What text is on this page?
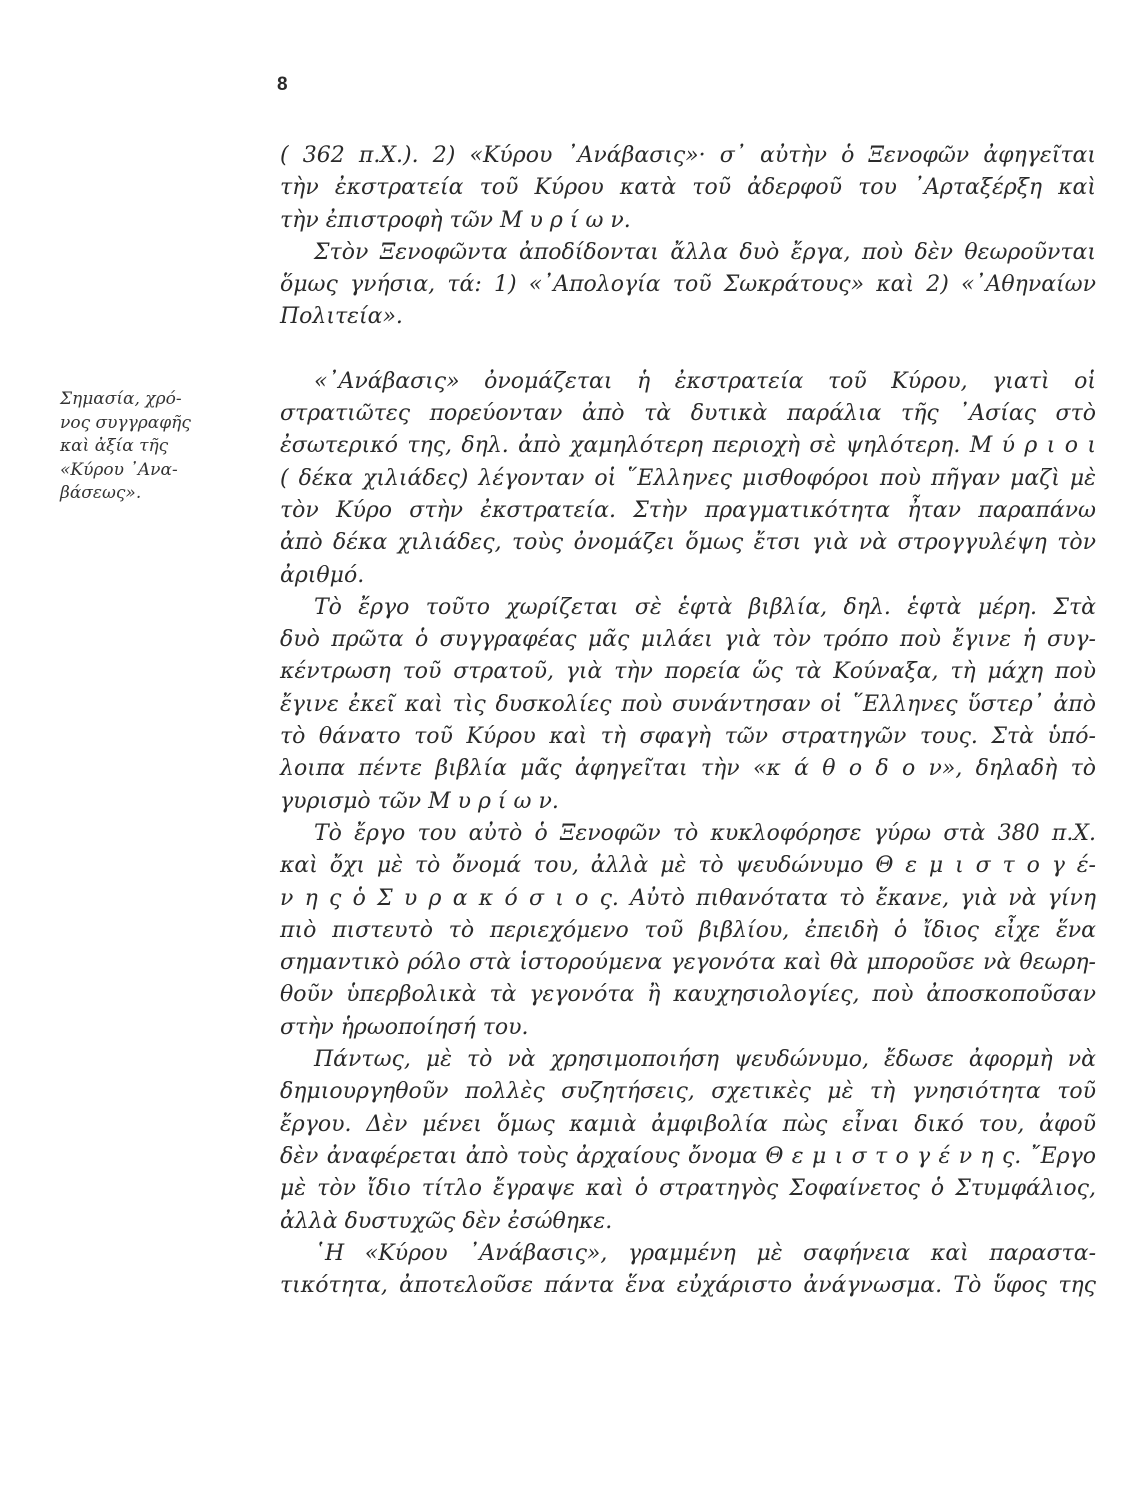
8
Σημασία, χρό-
νος συγγραφῆς
καὶ ἀξία τῆς
«Κύρου ᾿Ανα-
βάσεως».
( 362 π.Χ.). 2) «Κύρου ᾿Ανάβασις»· σ᾿ αὐτὴν ὁ Ξενοφῶν ἀφηγεῖται
τὴν ἐκστρατεία τοῦ Κύρου κατὰ τοῦ ἀδερφοῦ του ᾿Αρταξέρξη καὶ
τὴν ἐπιστροφὴ τῶν Μ υ ρ ί ω ν.
Στὸν Ξενοφῶντα ἀποδίδονται ἄλλα δυὸ ἔργα, ποὺ δὲν θεωροῦνται
ὅμως γνήσια, τά: 1) «᾿Απολογία τοῦ Σωκράτους» καὶ 2) «᾿Αθηναίων
Πολιτεία».
«᾿Ανάβασις» ὀνομάζεται ἡ ἐκστρατεία τοῦ Κύρου, γιατὶ οἱ
στρατιῶτες πορεύονταν ἀπὸ τὰ δυτικὰ παράλια τῆς ᾿Ασίας στὸ
ἐσωτερικό της, δηλ. ἀπὸ χαμηλότερη περιοχὴ σὲ ψηλότερη. Μ ύ ρ ι ο ι
( δέκα χιλιάδες) λέγονταν οἱ ῞Ελληνες μισθοφόροι ποὺ πῆγαν μαζὶ μὲ
τὸν Κύρο στὴν ἐκστρατεία. Στὴν πραγματικότητα ἦταν παραπάνω
ἀπὸ δέκα χιλιάδες, τοὺς ὀνομάζει ὅμως ἔτσι γιὰ νὰ στρογγυλέψη τὸν
ἀριθμό.
Τὸ ἔργο τοῦτο χωρίζεται σὲ ἑφτὰ βιβλία, δηλ. ἑφτὰ μέρη. Στὰ
δυὸ πρῶτα ὁ συγγραφέας μᾶς μιλάει γιὰ τὸν τρόπο ποὺ ἔγινε ἡ συγ-
κέντρωση τοῦ στρατοῦ, γιὰ τὴν πορεία ὥς τὰ Κούναξα, τὴ μάχη ποὺ
ἔγινε ἐκεῖ καὶ τὶς δυσκολίες ποὺ συνάντησαν οἱ ῞Ελληνες ὕστερ᾿ ἀπὸ
τὸ θάνατο τοῦ Κύρου καὶ τὴ σφαγὴ τῶν στρατηγῶν τους. Στὰ ὑπό-
λοιπα πέντε βιβλία μᾶς ἀφηγεῖται τὴν «κ ά θ ο δ ο ν», δηλαδὴ τὸ
γυρισμὸ τῶν Μ υ ρ ί ω ν.
Τὸ ἔργο του αὐτὸ ὁ Ξενοφῶν τὸ κυκλοφόρησε γύρω στὰ 380 π.Χ.
καὶ ὄχι μὲ τὸ ὄνομά του, ἀλλὰ μὲ τὸ ψευδώνυμο Θ ε μ ι σ τ ο γ έ-
ν η ς ὁ Σ υ ρ α κ ό σ ι ο ς. Αὐτὸ πιθανότατα τὸ ἔκανε, γιὰ νὰ γίνη
πιὸ πιστευτὸ τὸ περιεχόμενο τοῦ βιβλίου, ἐπειδὴ ὁ ἴδιος εἶχε ἕνα
σημαντικὸ ρόλο στὰ ἱστορούμενα γεγονότα καὶ θὰ μποροῦσε νὰ θεωρη-
θοῦν ὑπερβολικὰ τὰ γεγονότα ἢ καυχησιολογίες, ποὺ ἀποσκοποῦσαν
στὴν ἡρωοποίησή του.
Πάντως, μὲ τὸ νὰ χρησιμοποιήση ψευδώνυμο, ἔδωσε ἀφορμὴ νὰ
δημιουργηθοῦν πολλὲς συζητήσεις, σχετικὲς μὲ τὴ γνησιότητα τοῦ
ἔργου. Δὲν μένει ὅμως καμιὰ ἀμφιβολία πὼς εἶναι δικό του, ἀφοῦ
δὲν ἀναφέρεται ἀπὸ τοὺς ἀρχαίους ὄνομα Θ ε μ ι σ τ ο γ έ ν η ς. ῎Εργο
μὲ τὸν ἴδιο τίτλο ἔγραψε καὶ ὁ στρατηγὸς Σοφαίνετος ὁ Στυμφάλιος,
ἀλλὰ δυστυχῶς δὲν ἐσώθηκε.
῾Η «Κύρου ᾿Ανάβασις», γραμμένη μὲ σαφήνεια καὶ παραστα-
τικότητα, ἀποτελοῦσε πάντα ἕνα εὐχάριστο ἀνάγνωσμα. Τὸ ὕφος της
